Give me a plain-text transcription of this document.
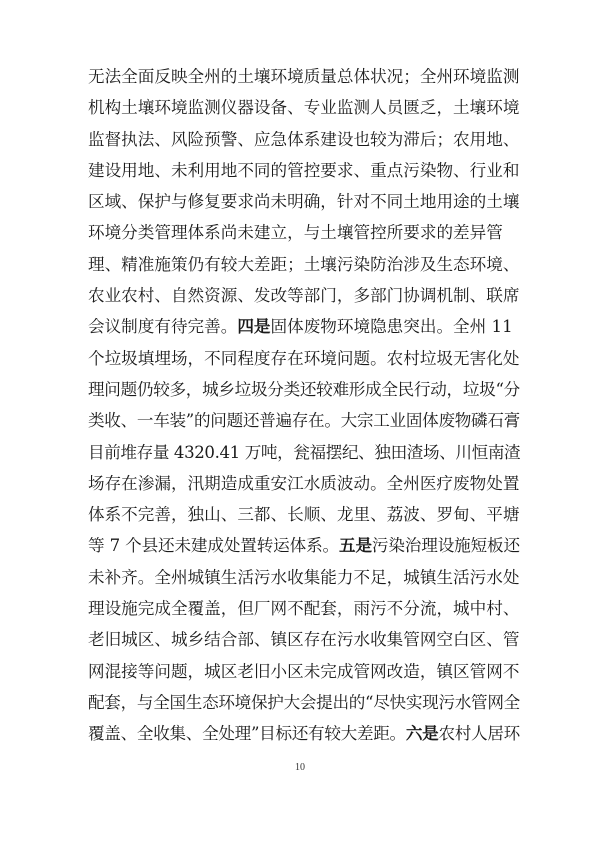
无法全面反映全州的土壤环境质量总体状况；全州环境监测
机构土壤环境监测仪器设备、专业监测人员匮乏，土壤环境
监督执法、风险预警、应急体系建设也较为滞后；农用地、
建设用地、未利用地不同的管控要求、重点污染物、行业和
区域、保护与修复要求尚未明确，针对不同土地用途的土壤
环境分类管理体系尚未建立，与土壤管控所要求的差异管
理、精准施策仍有较大差距；土壤污染防治涉及生态环境、
农业农村、自然资源、发改等部门，多部门协调机制、联席
会议制度有待完善。四是固体废物环境隐患突出。全州 11
个垃圾填埋场，不同程度存在环境问题。农村垃圾无害化处
理问题仍较多，城乡垃圾分类还较难形成全民行动，垃圾“分
类收、一车装”的问题还普遍存在。大宗工业固体废物磷石膏
目前堆存量 4320.41 万吨，瓮福摆纪、独田渣场、川恒南渣
场存在渗漏，汛期造成重安江水质波动。全州医疗废物处置
体系不完善，独山、三都、长顺、龙里、荔波、罗甸、平塘
等 7 个县还未建成处置转运体系。五是污染治理设施短板还
未补齐。全州城镇生活污水收集能力不足，城镇生活污水处
理设施完成全覆盖，但厂网不配套，雨污不分流，城中村、
老旧城区、城乡结合部、镇区存在污水收集管网空白区、管
网混接等问题，城区老旧小区未完成管网改造，镇区管网不
配套，与全国生态环境保护大会提出的“尽快实现污水管网全
覆盖、全收集、全处理”目标还有较大差距。六是农村人居环
10
